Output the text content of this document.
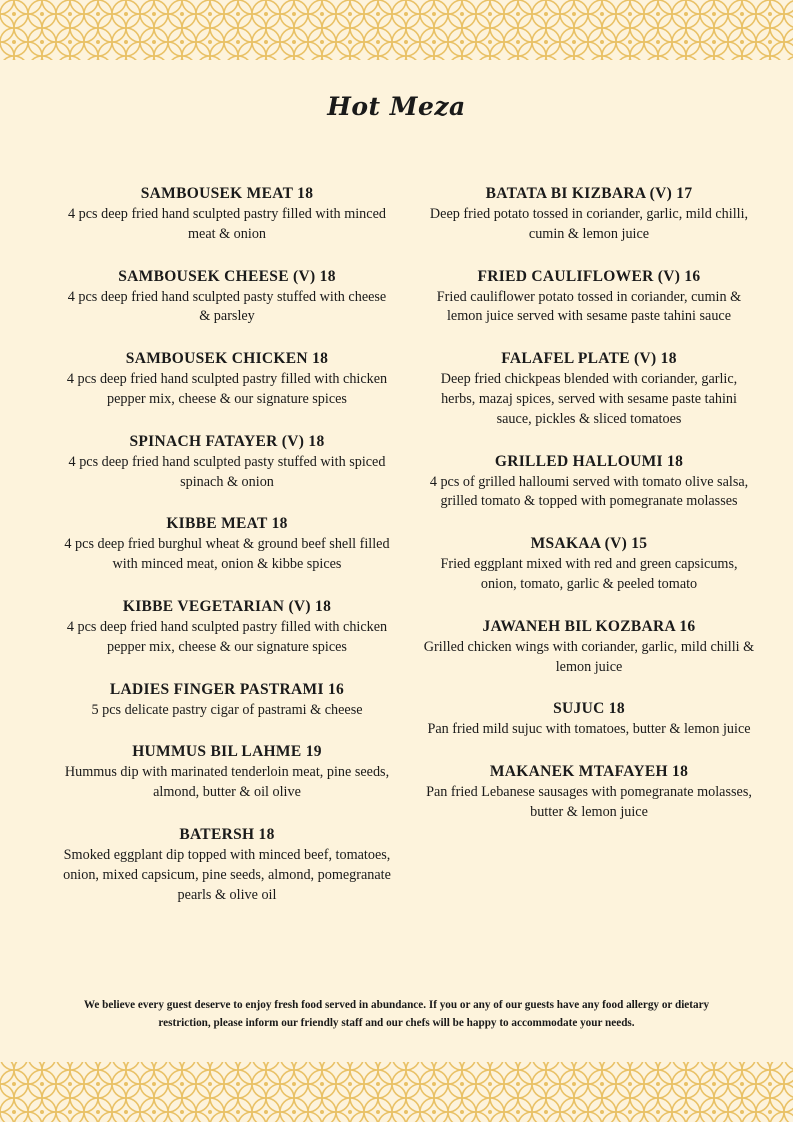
Hot Meza
SAMBOUSEK MEAT 18
4 pcs deep fried hand sculpted pastry filled with minced meat & onion
SAMBOUSEK CHEESE (V) 18
4 pcs deep fried hand sculpted pasty stuffed with cheese & parsley
SAMBOUSEK CHICKEN 18
4 pcs deep fried hand sculpted pastry filled with chicken pepper mix, cheese & our signature spices
SPINACH FATAYER (V) 18
4 pcs deep fried hand sculpted pasty stuffed with spiced spinach & onion
KIBBE MEAT 18
4 pcs deep fried burghul wheat & ground beef shell filled with minced meat, onion & kibbe spices
KIBBE VEGETARIAN (V) 18
4 pcs deep fried hand sculpted pastry filled with chicken pepper mix, cheese & our signature spices
LADIES FINGER PASTRAMI 16
5 pcs delicate pastry cigar of pastrami & cheese
HUMMUS BIL LAHME 19
Hummus dip with marinated tenderloin meat, pine seeds, almond, butter & oil olive
BATERSH 18
Smoked eggplant dip topped with minced beef, tomatoes, onion, mixed capsicum, pine seeds, almond, pomegranate pearls & olive oil
BATATA BI KIZBARA (V) 17
Deep fried potato tossed in coriander, garlic, mild chilli, cumin & lemon juice
FRIED CAULIFLOWER (V) 16
Fried cauliflower potato tossed in coriander, cumin & lemon juice served with sesame paste tahini sauce
FALAFEL PLATE (V) 18
Deep fried chickpeas blended with coriander, garlic, herbs, mazaj spices, served with sesame paste tahini sauce, pickles & sliced tomatoes
GRILLED HALLOUMI 18
4 pcs of grilled halloumi served with tomato olive salsa, grilled tomato & topped with pomegranate molasses
MSAKAA (V) 15
Fried eggplant mixed with red and green capsicums, onion, tomato, garlic & peeled tomato
JAWANEH BIL KOZBARA 16
Grilled chicken wings with coriander, garlic, mild chilli & lemon juice
SUJUC 18
Pan fried mild sujuc with tomatoes, butter & lemon juice
MAKANEK MTAFAYEH 18
Pan fried Lebanese sausages with pomegranate molasses, butter & lemon juice
We believe every guest deserve to enjoy fresh food served in abundance. If you or any of our guests have any food allergy or dietary restriction, please inform our friendly staff and our chefs will be happy to accommodate your needs.
